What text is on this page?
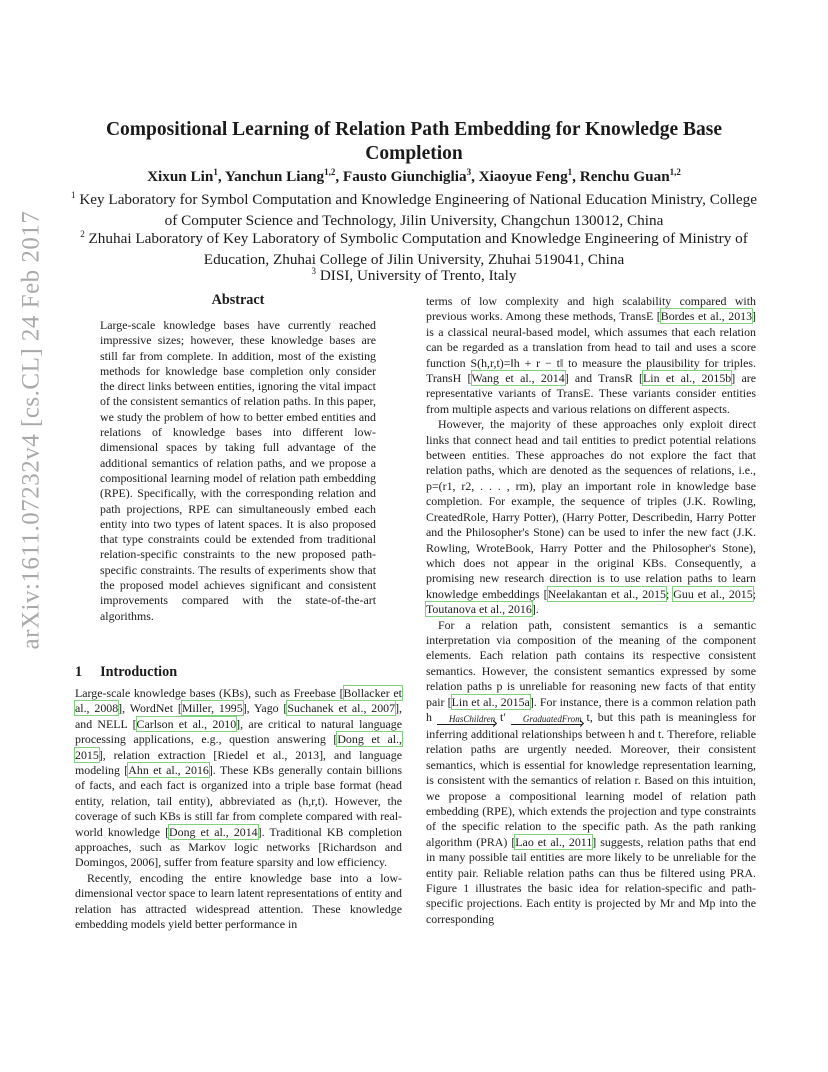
arXiv:1611.07232v4 [cs.CL] 24 Feb 2017
Compositional Learning of Relation Path Embedding for Knowledge Base Completion
Xixun Lin$^1$, Yanchun Liang$^{1,2}$, Fausto Giunchiglia$^3$, Xiaoyue Feng$^1$, Renchu Guan$^{1,2}$
$^1$ Key Laboratory for Symbol Computation and Knowledge Engineering of National Education Ministry, College of Computer Science and Technology, Jilin University, Changchun 130012, China
$^2$ Zhuhai Laboratory of Key Laboratory of Symbolic Computation and Knowledge Engineering of Ministry of Education, Zhuhai College of Jilin University, Zhuhai 519041, China
$^3$ DISI, University of Trento, Italy
Abstract

Large-scale knowledge bases have currently reached impressive sizes; however, these knowledge bases are still far from complete. In addition, most of the existing methods for knowledge base completion only consider the direct links between entities, ignoring the vital impact of the consistent semantics of relation paths. In this paper, we study the problem of how to better embed entities and relations of knowledge bases into different low-dimensional spaces by taking full advantage of the additional semantics of relation paths, and we propose a compositional learning model of relation path embedding (RPE). Specifically, with the corresponding relation and path projections, RPE can simultaneously embed each entity into two types of latent spaces. It is also proposed that type constraints could be extended from traditional relation-specific constraints to the new proposed path-specific constraints. The results of experiments show that the proposed model achieves significant and consistent improvements compared with the state-of-the-art algorithms.

1 Introduction

Large-scale knowledge bases (KBs), such as Freebase [Bollacker et al., 2008], WordNet [Miller, 1995], Yago [Suchanek et al., 2007], and NELL [Carlson et al., 2010], are critical to natural language processing applications, e.g., question answering [Dong et al., 2015], relation extraction [Riedel et al., 2013], and language modeling [Ahn et al., 2016]. These KBs generally contain billions of facts, and each fact is organized into a triple base format (head entity, relation, tail entity), abbreviated as (h,r,t). However, the coverage of such KBs is still far from complete compared with real-world knowledge [Dong et al., 2014]. Traditional KB completion approaches, such as Markov logic networks [Richardson and Domingos, 2006], suffer from feature sparsity and low efficiency.

Recently, encoding the entire knowledge base into a low-dimensional vector space to learn latent representations of entity and relation has attracted widespread attention. These knowledge embedding models yield better performance in

terms of low complexity and high scalability compared with previous works. Among these methods, TransE [Bordes et al., 2013] is a classical neural-based model, which assumes that each relation can be regarded as a translation from head to tail and uses a score function S(h,r,t)=‖h + r − t‖ to measure the plausibility for triples. TransH [Wang et al., 2014] and TransR [Lin et al., 2015b] are representative variants of TransE. These variants consider entities from multiple aspects and various relations on different aspects.

However, the majority of these approaches only exploit direct links that connect head and tail entities to predict potential relations between entities. These approaches do not explore the fact that relation paths, which are denoted as the sequences of relations, i.e., p=(r1, r2, . . . , rm), play an important role in knowledge base completion. For example, the sequence of triples (J.K. Rowling, CreatedRole, Harry Potter), (Harry Potter, Describedin, Harry Potter and the Philosopher's Stone) can be used to infer the new fact (J.K. Rowling, WroteBook, Harry Potter and the Philosopher's Stone), which does not appear in the original KBs. Consequently, a promising new research direction is to use relation paths to learn knowledge embeddings [Neelakantan et al., 2015; Guu et al., 2015; Toutanova et al., 2016].

For a relation path, consistent semantics is a semantic interpretation via composition of the meaning of the component elements. Each relation path contains its respective consistent semantics. However, the consistent semantics expressed by some relation paths p is unreliable for reasoning new facts of that entity pair [Lin et al., 2015a]. For instance, there is a common relation path h	HasChildren t′	GraduatedFrom t, but this path is meaningless for inferring additional relationships between h and t. Therefore, reliable relation paths are urgently needed. Moreover, their consistent semantics, which is essential for knowledge representation learning, is consistent with the semantics of relation r. Based on this intuition, we propose a compositional learning model of relation path embedding (RPE), which extends the projection and type constraints of the specific relation to the specific path. As the path ranking algorithm (PRA) [Lao et al., 2011] suggests, relation paths that end in many possible tail entities are more likely to be unreliable for the entity pair. Reliable relation paths can thus be filtered using PRA. Figure 1 illustrates the basic idea for relation-specific and path-specific projections. Each entity is projected by Mr and Mp into the corresponding
